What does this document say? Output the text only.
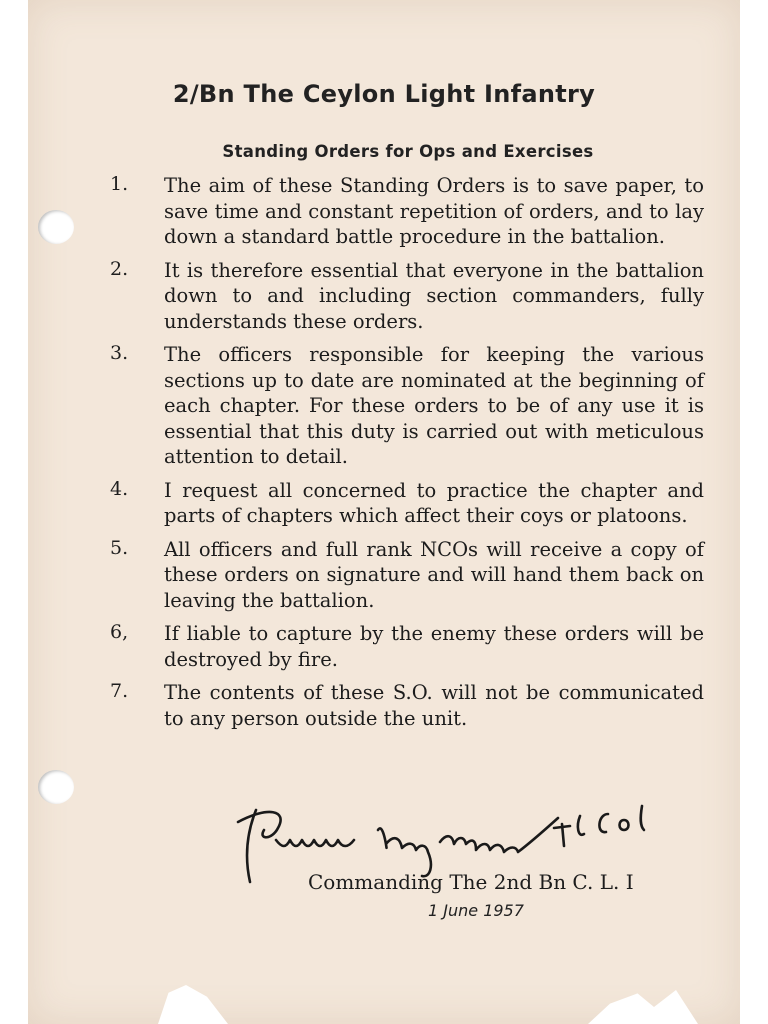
2/Bn The Ceylon Light Infantry
Standing Orders for Ops and Exercises
1. The aim of these Standing Orders is to save paper, to save time and constant repetition of orders, and to lay down a standard battle procedure in the battalion.
2. It is therefore essential that everyone in the battalion down to and including section commanders, fully understands these orders.
3. The officers responsible for keeping the various sections up to date are nominated at the beginning of each chapter. For these orders to be of any use it is essential that this duty is carried out with meticulous attention to detail.
4. I request all concerned to practice the chapter and parts of chapters which affect their coys or platoons.
5. All officers and full rank NCOs will receive a copy of these orders on signature and will hand them back on leaving the battalion.
6, If liable to capture by the enemy these orders will be destroyed by fire.
7. The contents of these S.O. will not be communicated to any person outside the unit.
Commanding The 2nd Bn C. L. I
1 June 1957
